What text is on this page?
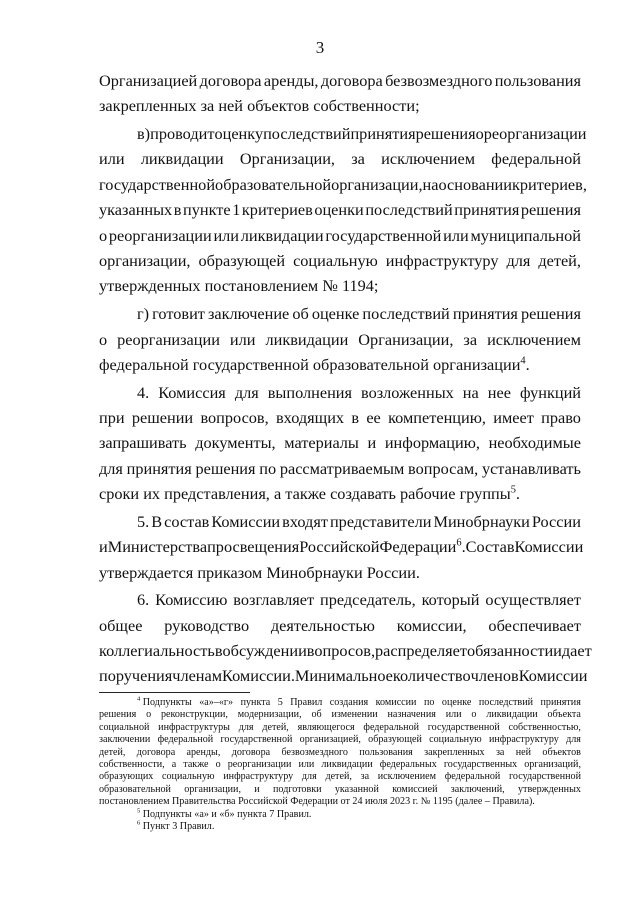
3
Организацией договора аренды, договора безвозмездного пользования
закрепленных за ней объектов собственности;
в) проводит оценку последствий принятия решения о реорганизации
или ликвидации Организации, за исключением федеральной
государственной образовательной организации, на основании критериев,
указанных в пункте 1 критериев оценки последствий принятия решения
о реорганизации или ликвидации государственной или муниципальной
организации, образующей социальную инфраструктуру для детей,
утвержденных постановлением № 1194;
г) готовит заключение об оценке последствий принятия решения
о реорганизации или ликвидации Организации, за исключением
федеральной государственной образовательной организации$^4$.
4. Комиссия для выполнения возложенных на нее функций
при решении вопросов, входящих в ее компетенцию, имеет право
запрашивать документы, материалы и информацию, необходимые
для принятия решения по рассматриваемым вопросам, устанавливать
сроки их представления, а также создавать рабочие группы$^5$.
5. В состав Комиссии входят представители Минобрнауки России
и Министерства просвещения Российской Федерации$^6$. Состав Комиссии
утверждается приказом Минобрнауки России.
6. Комиссию возглавляет председатель, который осуществляет
общее руководство деятельностью комиссии, обеспечивает
коллегиальность в обсуждении вопросов, распределяет обязанности и дает
поручения членам Комиссии. Минимальное количество членов Комиссии
$^4$ Подпункты «а»–«г» пункта 5 Правил создания комиссии по оценке последствий принятия
решения о реконструкции, модернизации, об изменении назначения или о ликвидации объекта
социальной инфраструктуры для детей, являющегося федеральной государственной собственностью,
заключении федеральной государственной организацией, образующей социальную инфраструктуру для
детей, договора аренды, договора безвозмездного пользования закрепленных за ней объектов
собственности, а также о реорганизации или ликвидации федеральных государственных организаций,
образующих социальную инфраструктуру для детей, за исключением федеральной государственной
образовательной организации, и подготовки указанной комиссией заключений, утвержденных
постановлением Правительства Российской Федерации от 24 июля 2023 г. № 1195 (далее – Правила).
$^5$ Подпункты «а» и «б» пункта 7 Правил.
$^6$ Пункт 3 Правил.
